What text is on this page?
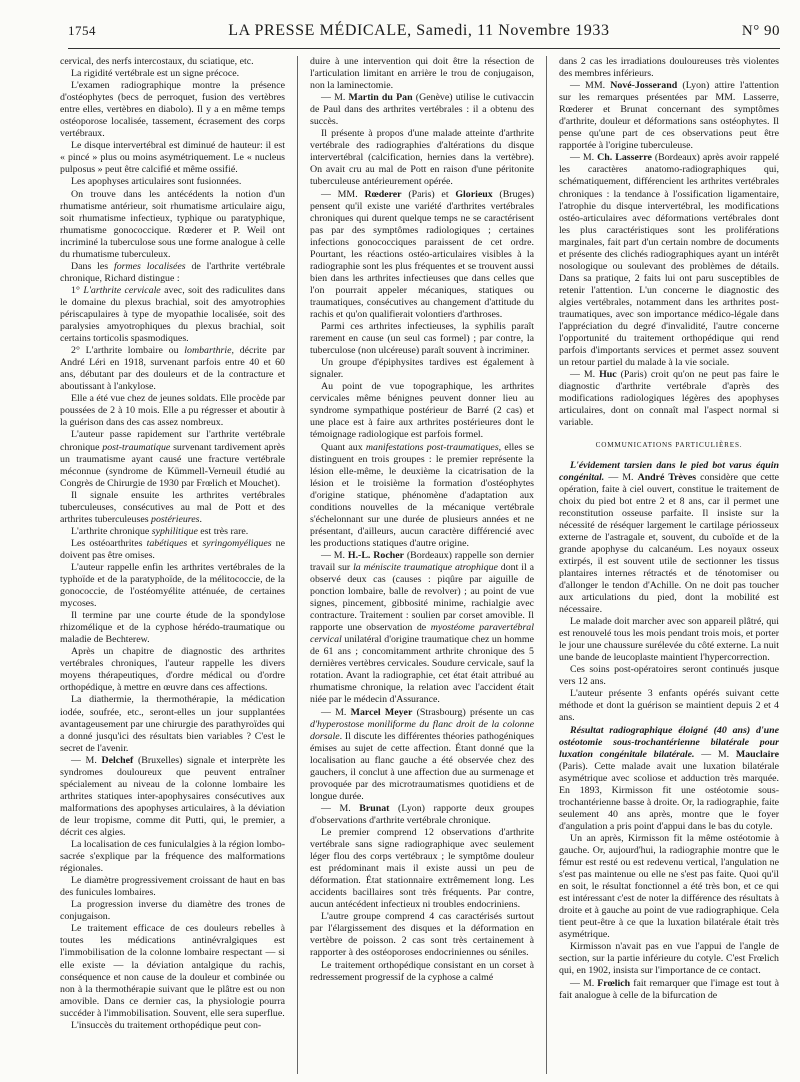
1754	LA PRESSE MÉDICALE, Samedi, 11 Novembre 1933	N° 90

cervical, des nerfs intercostaux, du sciatique, etc.

La rigidité vertébrale est un signe précoce.

L'examen radiographique montre la présence d'ostéophytes (becs de perroquet, fusion des vertèbres entre elles, vertèbres en diabolo). Il y a en même temps ostéoporose localisée, tassement, écrasement des corps vertébraux.

Le disque intervertébral est diminué de hauteur: il est « pincé » plus ou moins asymétriquement. Le « nucleus pulposus » peut être calcifié et même ossifié.

Les apophyses articulaires sont fusionnées.

On trouve dans les antécédents la notion d'un rhumatisme antérieur, soit rhumatisme articulaire aigu, soit rhumatisme infectieux, typhique ou paratyphique, rhumatisme gonococcique. Rœderer et P. Weil ont incriminé la tuberculose sous une forme analogue à celle du rhumatisme tuberculeux.

Dans les formes localisées de l'arthrite vertébrale chronique, Richard distingue :

1° L'arthrite cervicale avec, soit des radiculites dans le domaine du plexus brachial, soit des amyotrophies périscapulaires à type de myopathie localisée, soit des paralysies amyotrophiques du plexus brachial, soit certains torticolis spasmodiques.

2° L'arthrite lombaire ou lombarthrie, décrite par André Léri en 1918, survenant parfois entre 40 et 60 ans, débutant par des douleurs et de la contracture et aboutissant à l'ankylose.

Elle a été vue chez de jeunes soldats. Elle procède par poussées de 2 à 10 mois. Elle a pu régresser et aboutir à la guérison dans des cas assez nombreux.

L'auteur passe rapidement sur l'arthrite vertébrale chronique post-traumatique survenant tardivement après un traumatisme ayant causé une fracture vertébrale méconnue (syndrome de Kümmell-Verneuil étudié au Congrès de Chirurgie de 1930 par Frœlich et Mouchet).

Il signale ensuite les arthrites vertébrales tuberculeuses, consécutives au mal de Pott et des arthrites tuberculeuses postérieures.

L'arthrite chronique syphilitique est très rare.

Les ostéoarthrites tabétiques et syringomyéliques ne doivent pas être omises.

L'auteur rappelle enfin les arthrites vertébrales de la typhoïde et de la paratyphoïde, de la mélitococcie, de la gonococcie, de l'ostéomyélite atténuée, de certaines mycoses.

Il termine par une courte étude de la spondylose rhizomélique et de la cyphose hérédo-traumatique ou maladie de Bechterew.

Après un chapitre de diagnostic des arthrites vertébrales chroniques, l'auteur rappelle les divers moyens thérapeutiques, d'ordre médical ou d'ordre orthopédique, à mettre en œuvre dans ces affections.

La diathermie, la thermothérapie, la médication iodée, soufrée, etc., seront-elles un jour supplantées avantageusement par une chirurgie des parathyroïdes qui a donné jusqu'ici des résultats bien variables ? C'est le secret de l'avenir.

— M. Delchef (Bruxelles) signale et interprète les syndromes douloureux que peuvent entraîner spécialement au niveau de la colonne lombaire les arthrites statiques inter-apophysaires consécutives aux malformations des apophyses articulaires, à la déviation de leur tropisme, comme dit Putti, qui, le premier, a décrit ces algies.

La localisation de ces funiculalgies à la région lombo-sacrée s'explique par la fréquence des malformations régionales.

Le diamètre progressivement croissant de haut en bas des funicules lombaires.

La progression inverse du diamètre des trones de conjugaison.

Le traitement efficace de ces douleurs rebelles à toutes les médications antinévralgiques est l'immobilisation de la colonne lombaire respectant — si elle existe — la déviation antalgique du rachis, conséquence et non cause de la douleur et combinée ou non à la thermothérapie suivant que le plâtre est ou non amovible. Dans ce dernier cas, la physiologie pourra succéder à l'immobilisation. Souvent, elle sera superflue.

L'insuccès du traitement orthopédique peut con-

duire à une intervention qui doit être la résection de l'articulation limitant en arrière le trou de conjugaison, non la laminectomie.

— M. Martin du Pan (Genève) utilise le cutivaccin de Paul dans des arthrites vertébrales : il a obtenu des succès.

Il présente à propos d'une malade atteinte d'arthrite vertébrale des radiographies d'altérations du disque intervertébral (calcification, hernies dans la vertèbre). On avait cru au mal de Pott en raison d'une péritonite tuberculeuse antérieurement opérée.

— MM. Rœderer (Paris) et Glorieux (Bruges) pensent qu'il existe une variété d'arthrites vertébrales chroniques qui durent quelque temps ne se caractérisent pas par des symptômes radiologiques ; certaines infections gonococciques paraissent de cet ordre. Pourtant, les réactions ostéo-articulaires visibles à la radiographie sont les plus fréquentes et se trouvent aussi bien dans les arthrites infectieuses que dans celles que l'on pourrait appeler mécaniques, statiques ou traumatiques, consécutives au changement d'attitude du rachis et qu'on qualifierait volontiers d'arthroses.

Parmi ces arthrites infectieuses, la syphilis paraît rarement en cause (un seul cas formel) ; par contre, la tuberculose (non ulcéreuse) paraît souvent à incriminer.

Un groupe d'épiphysites tardives est également à signaler.

Au point de vue topographique, les arthrites cervicales même bénignes peuvent donner lieu au syndrome sympathique postérieur de Barré (2 cas) et une place est à faire aux arthrites postérieures dont le témoignage radiologique est parfois formel.

Quant aux manifestations post-traumatiques, elles se distinguent en trois groupes : le premier représente la lésion elle-même, le deuxième la cicatrisation de la lésion et le troisième la formation d'ostéophytes d'origine statique, phénomène d'adaptation aux conditions nouvelles de la mécanique vertébrale s'échelonnant sur une durée de plusieurs années et ne présentant, d'ailleurs, aucun caractère différencié avec les productions statiques d'autre origine.

— M. H.-L. Rocher (Bordeaux) rappelle son dernier travail sur la méniscite traumatique atrophique dont il a observé deux cas (causes : piqûre par aiguille de ponction lombaire, balle de revolver) ; au point de vue signes, pincement, gibbosité minime, rachialgie avec contracture. Traitement : soulien par corset amovible. Il rapporte une observation de myostéome paravertébral cervical unilatéral d'origine traumatique chez un homme de 61 ans ; concomitamment arthrite chronique des 5 dernières vertèbres cervicales. Soudure cervicale, sauf la rotation. Avant la radiographie, cet état était attribué au rhumatisme chronique, la relation avec l'accident était niée par le médecin d'Assurance.

— M. Marcel Meyer (Strasbourg) présente un cas d'hyperostose moniliforme du flanc droit de la colonne dorsale. Il discute les différentes théories pathogéniques émises au sujet de cette affection. Étant donné que la localisation au flanc gauche a été observée chez des gauchers, il conclut à une affection due au surmenage et provoquée par des microtraumatismes quotidiens et de longue durée.

— M. Brunat (Lyon) rapporte deux groupes d'observations d'arthrite vertébrale chronique.

Le premier comprend 12 observations d'arthrite vertébrale sans signe radiographique avec seulement léger flou des corps vertébraux ; le symptôme douleur est prédominant mais il existe aussi un peu de déformation. État stationnaire extrêmement long. Les accidents bacillaires sont très fréquents. Par contre, aucun antécédent infectieux ni troubles endocriniens.

L'autre groupe comprend 4 cas caractérisés surtout par l'élargissement des disques et la déformation en vertèbre de poisson. 2 cas sont très certainement à rapporter à des ostéoporoses endocriniennes ou séniles.

Le traitement orthopédique consistant en un corset à redressement progressif de la cyphose a calmé

dans 2 cas les irradiations douloureuses très violentes des membres inférieurs.

— MM. Nové-Josserand (Lyon) attire l'attention sur les remarques présentées par MM. Lasserre, Rœderer et Brunat concernant des symptômes d'arthrite, douleur et déformations sans ostéophytes. Il pense qu'une part de ces observations peut être rapportée à l'origine tuberculeuse.

— M. Ch. Lasserre (Bordeaux) après avoir rappelé les caractères anatomo-radiographiques qui, schématiquement, différencient les arthrites vertébrales chroniques : la tendance à l'ossification ligamentaire, l'atrophie du disque intervertébral, les modifications ostéo-articulaires avec déformations vertébrales dont les plus caractéristiques sont les proliférations marginales, fait part d'un certain nombre de documents et présente des clichés radiographiques ayant un intérêt nosologique ou soulevant des problèmes de détails. Dans sa pratique, 2 faits lui ont paru susceptibles de retenir l'attention. L'un concerne le diagnostic des algies vertébrales, notamment dans les arthrites post-traumatiques, avec son importance médico-légale dans l'appréciation du degré d'invalidité, l'autre concerne l'opportunité du traitement orthopédique qui rend parfois d'importants services et permet assez souvent un retour partiel du malade à la vie sociale.

— M. Huc (Paris) croit qu'on ne peut pas faire le diagnostic d'arthrite vertébrale d'après des modifications radiologiques légères des apophyses articulaires, dont on connaît mal l'aspect normal si variable.

COMMUNICATIONS PARTICULIÈRES.

L'évidement tarsien dans le pied bot varus équin congénital. — M. André Trèves considère que cette opération, faite à ciel ouvert, constitue le traitement de choix du pied bot entre 2 et 8 ans, car il permet une reconstitution osseuse parfaite. Il insiste sur la nécessité de réséquer largement le cartilage périosseux externe de l'astragale et, souvent, du cuboïde et de la grande apophyse du calcanéum. Les noyaux osseux extirpés, il est souvent utile de sectionner les tissus plantaires internes rétractés et de ténotomiser ou d'allonger le tendon d'Achille. On ne doit pas toucher aux articulations du pied, dont la mobilité est nécessaire.

Le malade doit marcher avec son appareil plâtré, qui est renouvelé tous les mois pendant trois mois, et porter le jour une chaussure surélevée du côté externe. La nuit une bande de leucoplaste maintient l'hypercorrection.

Ces soins post-opératoires seront continués jusque vers 12 ans.

L'auteur présente 3 enfants opérés suivant cette méthode et dont la guérison se maintient depuis 2 et 4 ans.

Résultat radiographique éloigné (40 ans) d'une ostéotomie sous-trochantérienne bilatérale pour luxation congénitale bilatérale. — M. Mauclaire (Paris). Cette malade avait une luxation bilatérale asymétrique avec scoliose et adduction très marquée. En 1893, Kirmisson fit une ostéotomie sous-trochantérienne basse à droite. Or, la radiographie, faite seulement 40 ans après, montre que le foyer d'angulation a pris point d'appui dans le bas du cotyle.

Un an après, Kirmisson fit la même ostéotomie à gauche. Or, aujourd'hui, la radiographie montre que le fémur est resté ou est redevenu vertical, l'angulation ne s'est pas maintenue ou elle ne s'est pas faite. Quoi qu'il en soit, le résultat fonctionnel a été très bon, et ce qui est intéressant c'est de noter la différence des résultats à droite et à gauche au point de vue radiographique. Cela tient peut-être à ce que la luxation bilatérale était très asymétrique.

Kirmisson n'avait pas en vue l'appui de l'angle de section, sur la partie inférieure du cotyle. C'est Frœlich qui, en 1902, insista sur l'importance de ce contact.

— M. Frœlich fait remarquer que l'image est tout à fait analogue à celle de la bifurcation de
